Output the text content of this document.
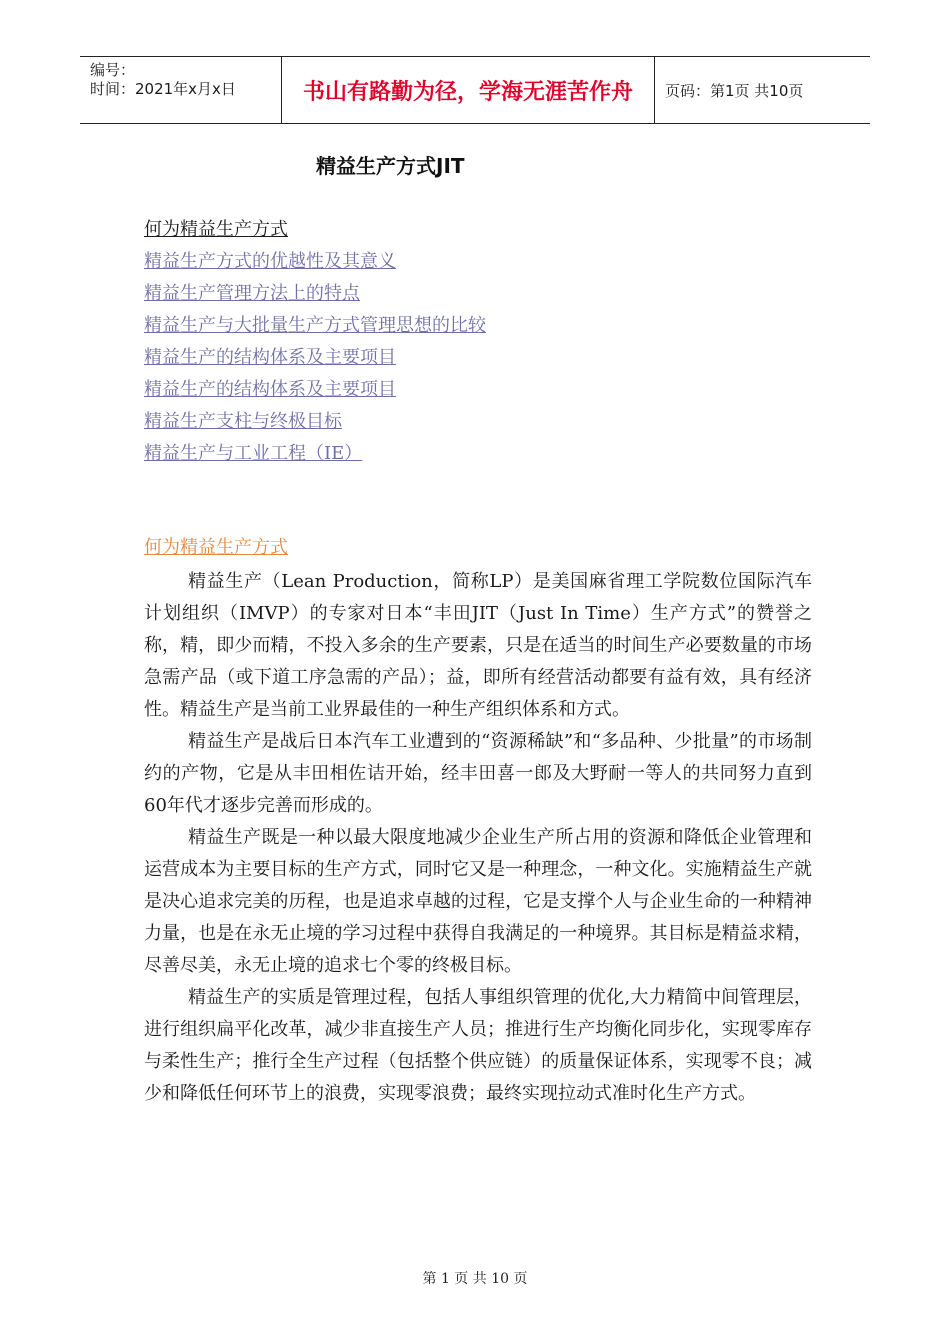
编号：
时间：2021年x月x日	书山有路勤为径，学海无涯苦作舟	页码：第1页 共10页
精益生产方式JIT
何为精益生产方式
精益生产方式的优越性及其意义
精益生产管理方法上的特点
精益生产与大批量生产方式管理思想的比较
精益生产的结构体系及主要项目
精益生产的结构体系及主要项目
精益生产支柱与终极目标
精益生产与工业工程（IE）
何为精益生产方式

精益生产（Lean Production，简称LP）是美国麻省理工学院数位国际汽车计划组织（IMVP）的专家对日本“丰田JIT（Just In Time）生产方式”的赞誉之称，精，即少而精，不投入多余的生产要素，只是在适当的时间生产必要数量的市场急需产品（或下道工序急需的产品）；益，即所有经营活动都要有益有效，具有经济性。精益生产是当前工业界最佳的一种生产组织体系和方式。

精益生产是战后日本汽车工业遭到的“资源稀缺”和“多品种、少批量”的市场制约的产物，它是从丰田相佐诘开始，经丰田喜一郎及大野耐一等人的共同努力直到60年代才逐步完善而形成的。

精益生产既是一种以最大限度地减少企业生产所占用的资源和降低企业管理和运营成本为主要目标的生产方式，同时它又是一种理念，一种文化。实施精益生产就是决心追求完美的历程，也是追求卓越的过程，它是支撑个人与企业生命的一种精神力量，也是在永无止境的学习过程中获得自我满足的一种境界。其目标是精益求精，尽善尽美，永无止境的追求七个零的终极目标。

精益生产的实质是管理过程，包括人事组织管理的优化,大力精简中间管理层，进行组织扁平化改革，减少非直接生产人员；推进行生产均衡化同步化，实现零库存与柔性生产；推行全生产过程（包括整个供应链）的质量保证体系，实现零不良；减少和降低任何环节上的浪费，实现零浪费；最终实现拉动式准时化生产方式。

第 1 页 共 10 页
